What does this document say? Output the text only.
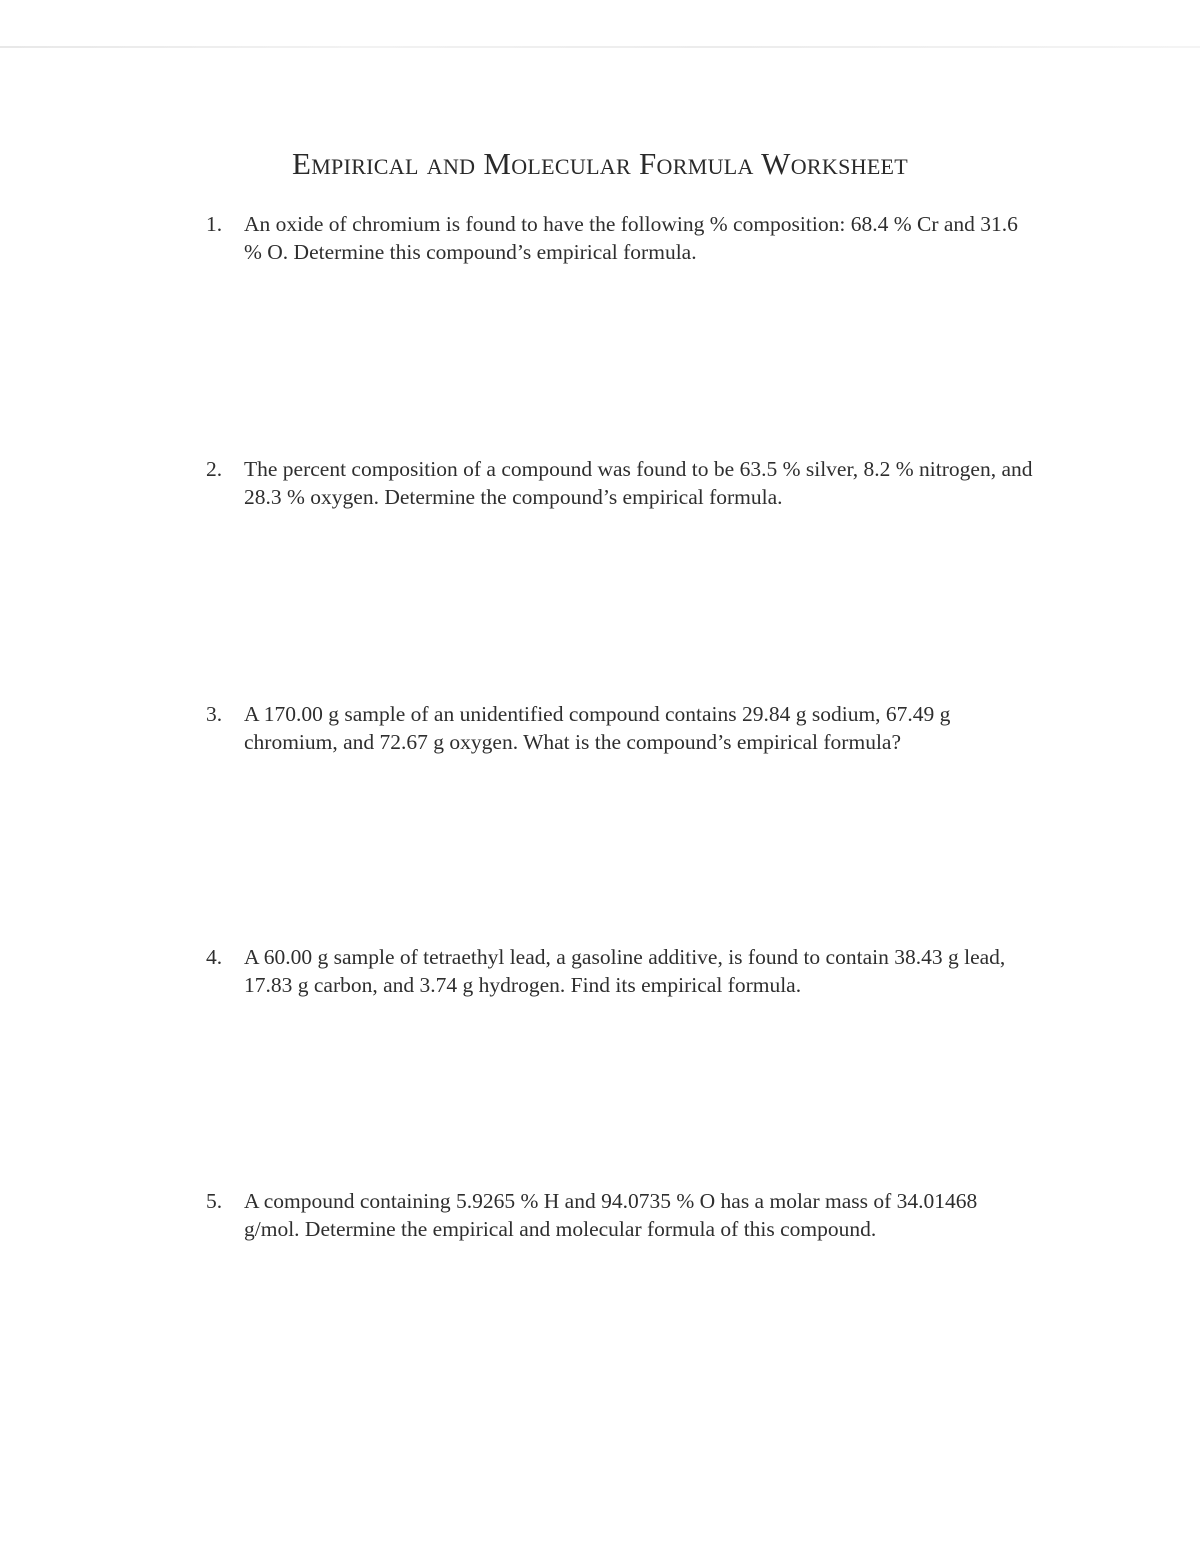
Empirical and Molecular Formula Worksheet
1.	An oxide of chromium is found to have the following % composition: 68.4 % Cr and 31.6 % O. Determine this compound’s empirical formula.
2.	The percent composition of a compound was found to be 63.5 % silver, 8.2 % nitrogen, and 28.3 % oxygen. Determine the compound’s empirical formula.
3.	A 170.00 g sample of an unidentified compound contains 29.84 g sodium, 67.49 g chromium, and 72.67 g oxygen. What is the compound’s empirical formula?
4.	A 60.00 g sample of tetraethyl lead, a gasoline additive, is found to contain 38.43 g lead, 17.83 g carbon, and 3.74 g hydrogen. Find its empirical formula.
5.	A compound containing 5.9265 % H and 94.0735 % O has a molar mass of 34.01468 g/mol. Determine the empirical and molecular formula of this compound.
